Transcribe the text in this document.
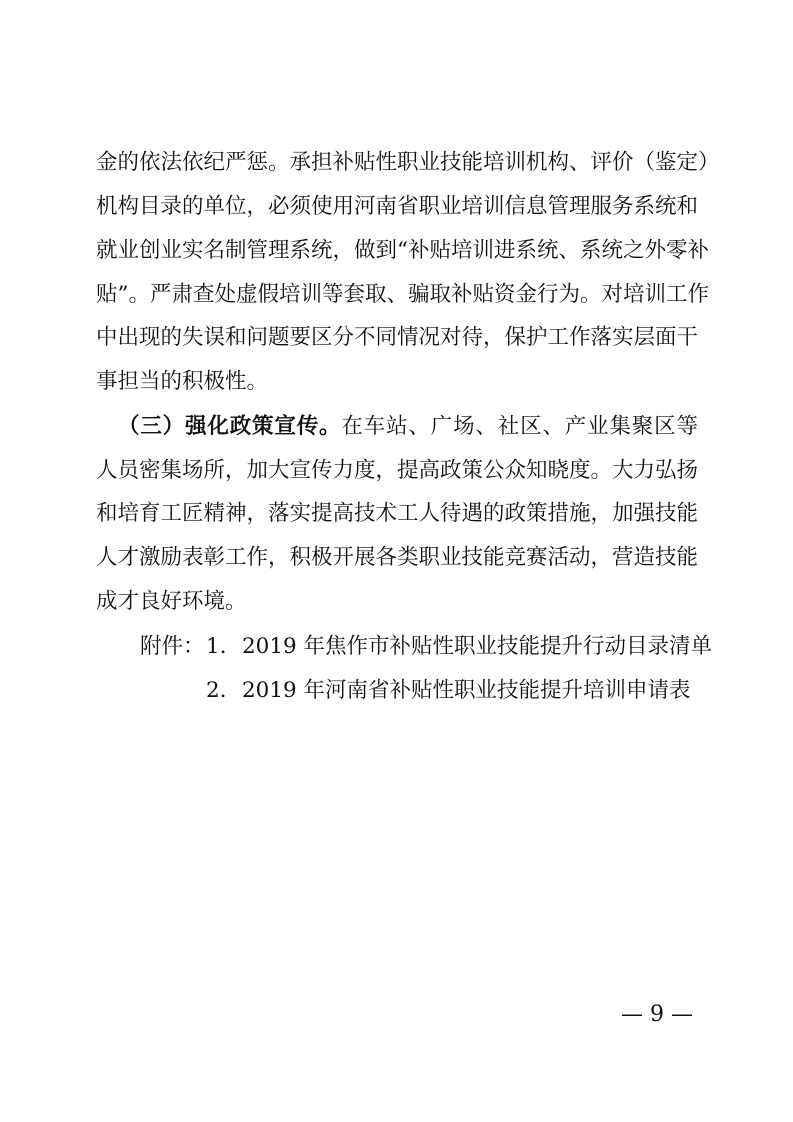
金的依法依纪严惩。承担补贴性职业技能培训机构、评价（鉴定）
机构目录的单位，必须使用河南省职业培训信息管理服务系统和
就业创业实名制管理系统，做到“补贴培训进系统、系统之外零补
贴”。严肃查处虚假培训等套取、骗取补贴资金行为。对培训工作
中出现的失误和问题要区分不同情况对待，保护工作落实层面干
事担当的积极性。
（三）强化政策宣传。在车站、广场、社区、产业集聚区等
人员密集场所，加大宣传力度，提高政策公众知晓度。大力弘扬
和培育工匠精神，落实提高技术工人待遇的政策措施，加强技能
人才激励表彰工作，积极开展各类职业技能竞赛活动，营造技能
成才良好环境。
附件： 1. 2019 年焦作市补贴性职业技能提升行动目录清单
2. 2019 年河南省补贴性职业技能提升培训申请表
— 9 —
